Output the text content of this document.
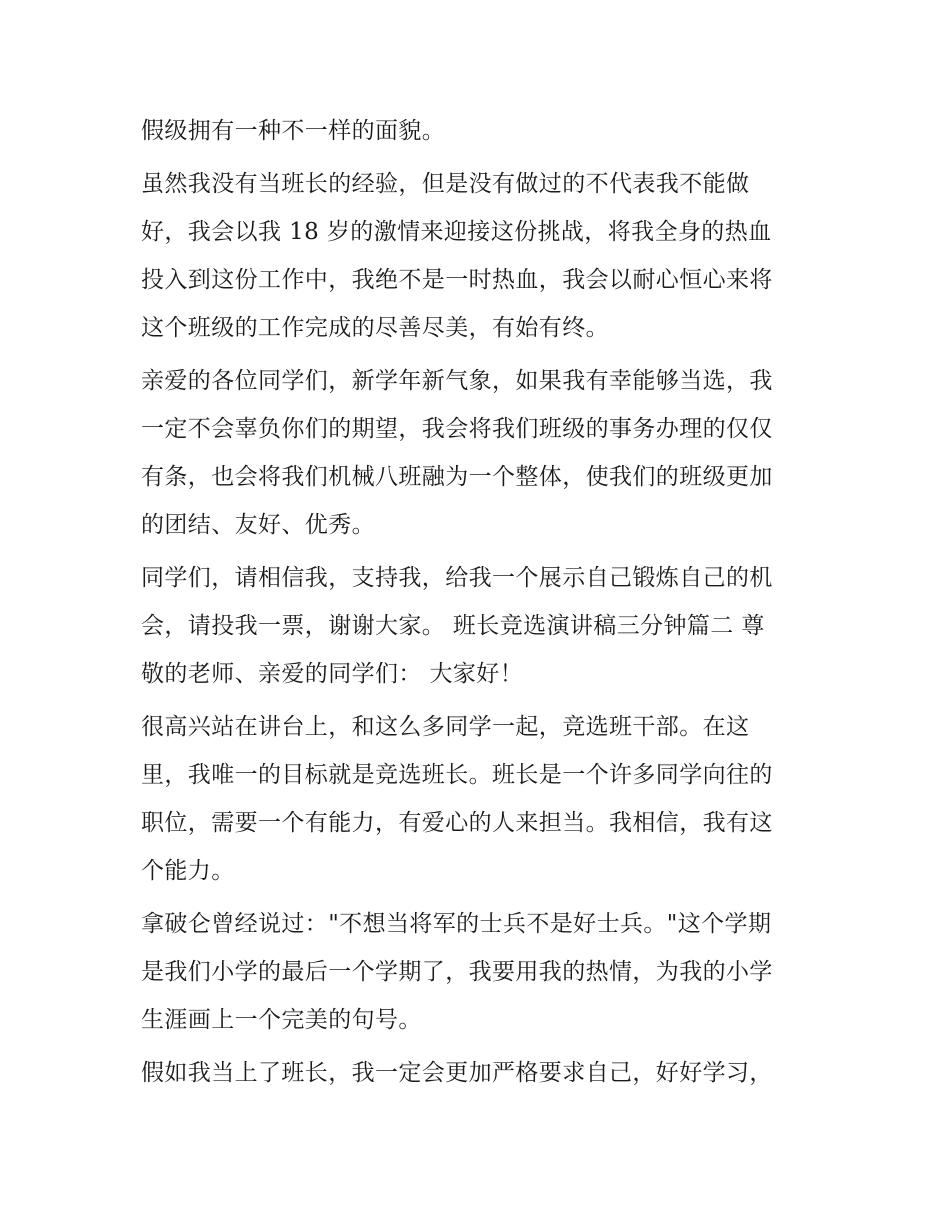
假级拥有一种不一样的面貌。
虽然我没有当班长的经验，但是没有做过的不代表我不能做
好，我会以我 18 岁的激情来迎接这份挑战，将我全身的热血
投入到这份工作中，我绝不是一时热血，我会以耐心恒心来将
这个班级的工作完成的尽善尽美，有始有终。
亲爱的各位同学们，新学年新气象，如果我有幸能够当选，我
一定不会辜负你们的期望，我会将我们班级的事务办理的仅仅
有条，也会将我们机械八班融为一个整体，使我们的班级更加
的团结、友好、优秀。
同学们，请相信我，支持我，给我一个展示自己锻炼自己的机
会，请投我一票，谢谢大家。 班长竞选演讲稿三分钟篇二 尊
敬的老师、亲爱的同学们： 大家好！
很高兴站在讲台上，和这么多同学一起，竞选班干部。在这
里，我唯一的目标就是竞选班长。班长是一个许多同学向往的
职位，需要一个有能力，有爱心的人来担当。我相信，我有这
个能力。
拿破仑曾经说过："不想当将军的士兵不是好士兵。"这个学期
是我们小学的最后一个学期了，我要用我的热情，为我的小学
生涯画上一个完美的句号。
假如我当上了班长，我一定会更加严格要求自己，好好学习，
